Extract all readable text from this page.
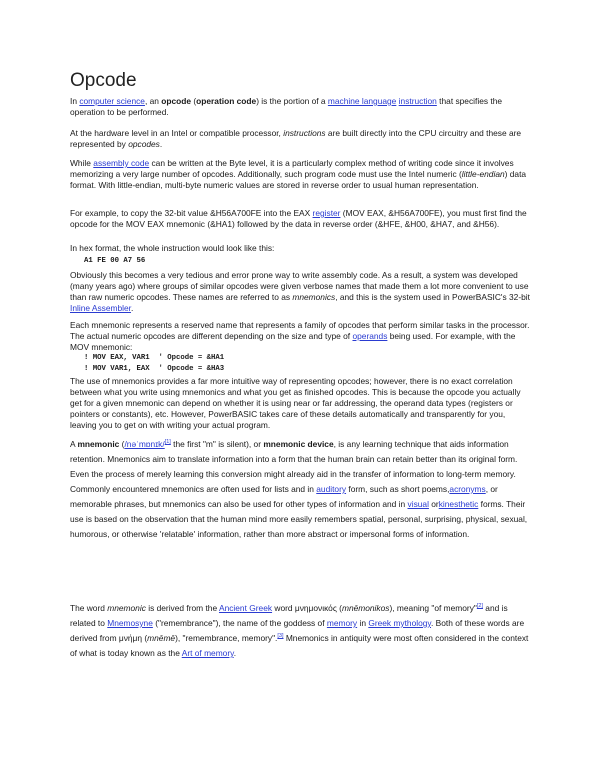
Opcode

In computer science, an opcode (operation code) is the portion of a machine language instruction that specifies the operation to be performed.

At the hardware level in an Intel or compatible processor, instructions are built directly into the CPU circuitry and these are represented by opcodes.

While assembly code can be written at the Byte level, it is a particularly complex method of writing code since it involves memorizing a very large number of opcodes. Additionally, such program code must use the Intel numeric (little-endian) data format. With little-endian, multi-byte numeric values are stored in reverse order to usual human representation.

For example, to copy the 32-bit value &H56A700FE into the EAX register (MOV EAX, &H56A700FE), you must first find the opcode for the MOV EAX mnemonic (&HA1) followed by the data in reverse order (&HFE, &H00, &HA7, and &H56).

In hex format, the whole instruction would look like this:

A1 FE 00 A7 56

Obviously this becomes a very tedious and error prone way to write assembly code. As a result, a system was developed (many years ago) where groups of similar opcodes were given verbose names that made them a lot more convenient to use than raw numeric opcodes. These names are referred to as mnemonics, and this is the system used in PowerBASIC's 32-bit Inline Assembler.

Each mnemonic represents a reserved name that represents a family of opcodes that perform similar tasks in the processor. The actual numeric opcodes are different depending on the size and type of operands being used. For example, with the MOV mnemonic:

! MOV EAX, VAR1  ' Opcode = &HA1
! MOV VAR1, EAX  ' Opcode = &HA3

The use of mnemonics provides a far more intuitive way of representing opcodes; however, there is no exact correlation between what you write using mnemonics and what you get as finished opcodes. This is because the opcode you actually get for a given mnemonic can depend on whether it is using near or far addressing, the operand data types (registers or pointers or constants), etc. However, PowerBASIC takes care of these details automatically and transparently for you, leaving you to get on with writing your actual program.

A mnemonic (/nəˈmɒnɪk/[1] the first "m" is silent), or mnemonic device, is any learning technique that aids information retention. Mnemonics aim to translate information into a form that the human brain can retain better than its original form. Even the process of merely learning this conversion might already aid in the transfer of information to long-term memory. Commonly encountered mnemonics are often used for lists and in auditory form, such as short poems,acronyms, or memorable phrases, but mnemonics can also be used for other types of information and in visual orkinesthetic forms. Their use is based on the observation that the human mind more easily remembers spatial, personal, surprising, physical, sexual, humorous, or otherwise 'relatable' information, rather than more abstract or impersonal forms of information.

The word mnemonic is derived from the Ancient Greek word μνημονικός (mnēmonikos), meaning "of memory"[2] and is related to Mnemosyne ("remembrance"), the name of the goddess of memory in Greek mythology. Both of these words are derived from μνήμη (mnēmē), "remembrance, memory".[3] Mnemonics in antiquity were most often considered in the context of what is today known as the Art of memory.
